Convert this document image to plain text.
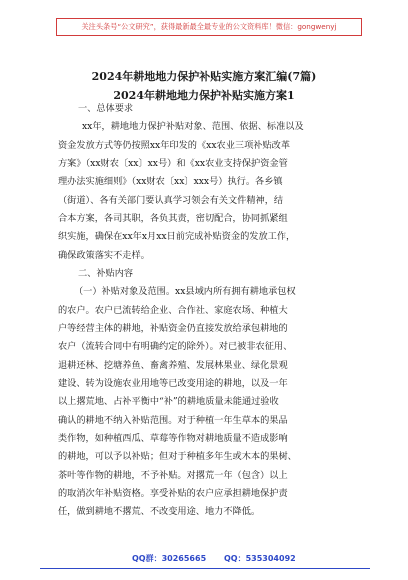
关注头条号“公文研究”，获得最新最全最专业的公文资料库！微信：gongwenyj
2024年耕地地力保护补贴实施方案汇编(7篇)
2024年耕地地力保护补贴实施方案1
一、总体要求
xx年，耕地地力保护补贴对象、范围、依据、标准以及
资金发放方式等仍按照xx年印发的《xx农业三项补贴改革
方案》（xx财农〔xx〕xx号）和《xx农业支持保护资金管
理办法实施细则》（xx财农〔xx〕xxx号）执行。各乡镇
（街道）、各有关部门要认真学习领会有关文件精神，结
合本方案，各司其职，各负其责，密切配合，协同抓紧组
织实施，确保在xx年x月xx日前完成补贴资金的发放工作，
确保政策落实不走样。
二、补贴内容
（一）补贴对象及范围。xx县域内所有拥有耕地承包权
的农户。农户已流转给企业、合作社、家庭农场、种植大
户等经营主体的耕地，补贴资金仍直接发放给承包耕地的
农户（流转合同中有明确约定的除外）。对已被非农征用、
退耕还林、挖塘养鱼、畜禽养殖、发展林果业、绿化景观
建设、转为设施农业用地等已改变用途的耕地，以及一年
以上撂荒地、占补平衡中“补”的耕地质量未能通过验收
确认的耕地不纳入补贴范围。对于种植一年生草本的果品
类作物，如种植西瓜、草莓等作物对耕地质量不造成影响
的耕地，可以予以补贴；但对于种植多年生或木本的果树、
茶叶等作物的耕地，不予补贴。对撂荒一年（包含）以上
的取消次年补贴资格。享受补贴的农户应承担耕地保护责
任，做到耕地不撂荒、不改变用途、地力不降低。
QQ群：30265665 QQ：535304092
